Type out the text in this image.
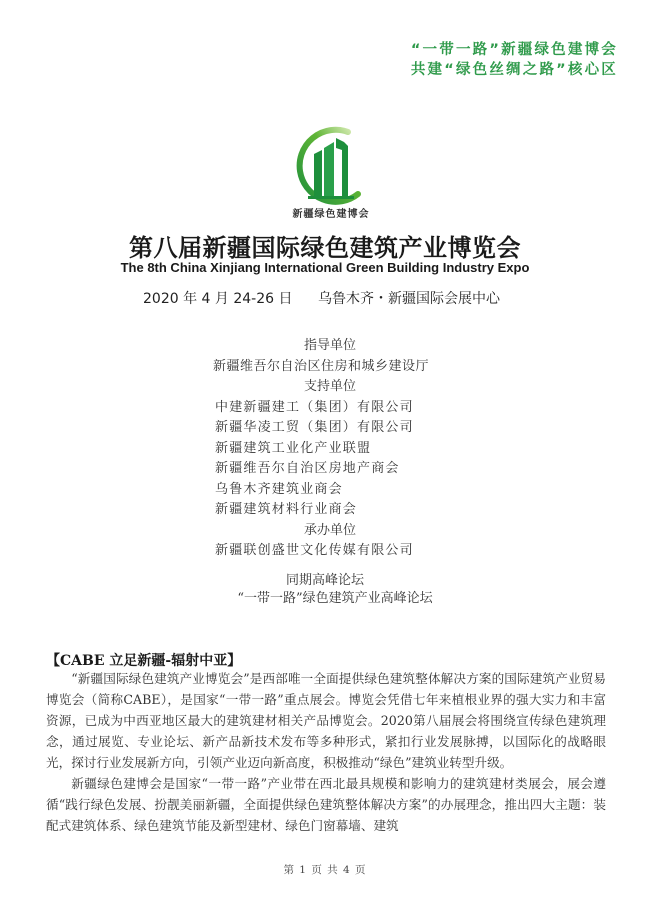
“一带一路”新疆绿色建博会
共建“绿色丝绸之路”核心区
新疆绿色建博会
第八届新疆国际绿色建筑产业博览会
The 8th China Xinjiang International Green Building Industry Expo
2020 年 4 月 24-26 日 乌鲁木齐・新疆国际会展中心
指导单位
新疆维吾尔自治区住房和城乡建设厅
支持单位
中建新疆建工（集团）有限公司
新疆华凌工贸（集团）有限公司
新疆建筑工业化产业联盟
新疆维吾尔自治区房地产商会
乌鲁木齐建筑业商会
新疆建筑材料行业商会
承办单位
新疆联创盛世文化传媒有限公司
同期高峰论坛
“一带一路”绿色建筑产业高峰论坛
【CABE 立足新疆-辐射中亚】

“新疆国际绿色建筑产业博览会”是西部唯一全面提供绿色建筑整体解决方案的国际建筑产业贸易博览会（简称CABE），是国家“一带一路”重点展会。博览会凭借七年来植根业界的强大实力和丰富资源，已成为中西亚地区最大的建筑建材相关产品博览会。2020第八届展会将围绕宣传绿色建筑理念，通过展览、专业论坛、新产品新技术发布等多种形式，紧扣行业发展脉搏，以国际化的战略眼光，探讨行业发展新方向，引领产业迈向新高度，积极推动“绿色”建筑业转型升级。

新疆绿色建博会是国家“一带一路”产业带在西北最具规模和影响力的建筑建材类展会，展会遵循“践行绿色发展、扮靓美丽新疆，全面提供绿色建筑整体解决方案”的办展理念，推出四大主题：装配式建筑体系、绿色建筑节能及新型建材、绿色门窗幕墙、建筑

第 1 页 共 4 页
